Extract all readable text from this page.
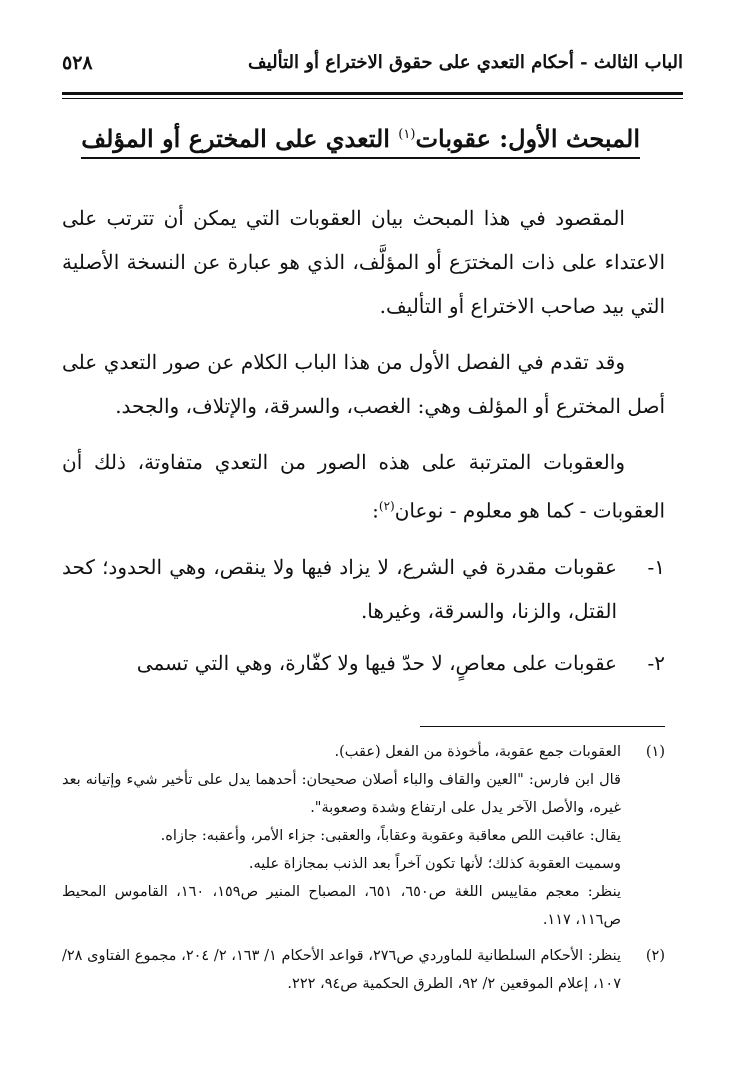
الباب الثالث - أحكام التعدي على حقوق الاختراع أو التأليف
٥٢٨
المبحث الأول: عقوبات$^{(١)}$ التعدي على المخترع أو المؤلف

المقصود في هذا المبحث بيان العقوبات التي يمكن أن تترتب على الاعتداء على ذات المخترَع أو المؤلَّف، الذي هو عبارة عن النسخة الأصلية التي بيد صاحب الاختراع أو التأليف.

وقد تقدم في الفصل الأول من هذا الباب الكلام عن صور التعدي على أصل المخترع أو المؤلف وهي: الغصب، والسرقة، والإتلاف، والجحد.

والعقوبات المترتبة على هذه الصور من التعدي متفاوتة، ذلك أن العقوبات - كما هو معلوم - نوعان$^{(٢)}$:

١-
عقوبات مقدرة في الشرع، لا يزاد فيها ولا ينقص، وهي الحدود؛ كحد القتل، والزنا، والسرقة، وغيرها.
٢-
عقوبات على معاصٍ، لا حدّ فيها ولا كفّارة، وهي التي تسمى
(١)
العقوبات جمع عقوبة، مأخوذة من الفعل (عقب).
قال ابن فارس: "العين والقاف والباء أصلان صحيحان: أحدهما يدل على تأخير شيء وإتيانه بعد غيره، والأصل الآخر يدل على ارتفاع وشدة وصعوبة".
يقال: عاقبت اللص معاقبة وعقوبة وعقاباً، والعقبى: جزاء الأمر، وأعقبه: جازاه.
وسميت العقوبة كذلك؛ لأنها تكون آخراً بعد الذنب بمجازاة عليه.
ينظر: معجم مقاييس اللغة ص٦٥٠، ٦٥١، المصباح المنير ص١٥٩، ١٦٠، القاموس المحيط ص١١٦، ١١٧.
(٢)
ينظر: الأحكام السلطانية للماوردي ص٢٧٦، قواعد الأحكام ١/ ١٦٣، ٢/ ٢٠٤، مجموع الفتاوى ٢٨/ ١٠٧، إعلام الموقعين ٢/ ٩٢، الطرق الحكمية ص٩٤، ٢٢٢.
